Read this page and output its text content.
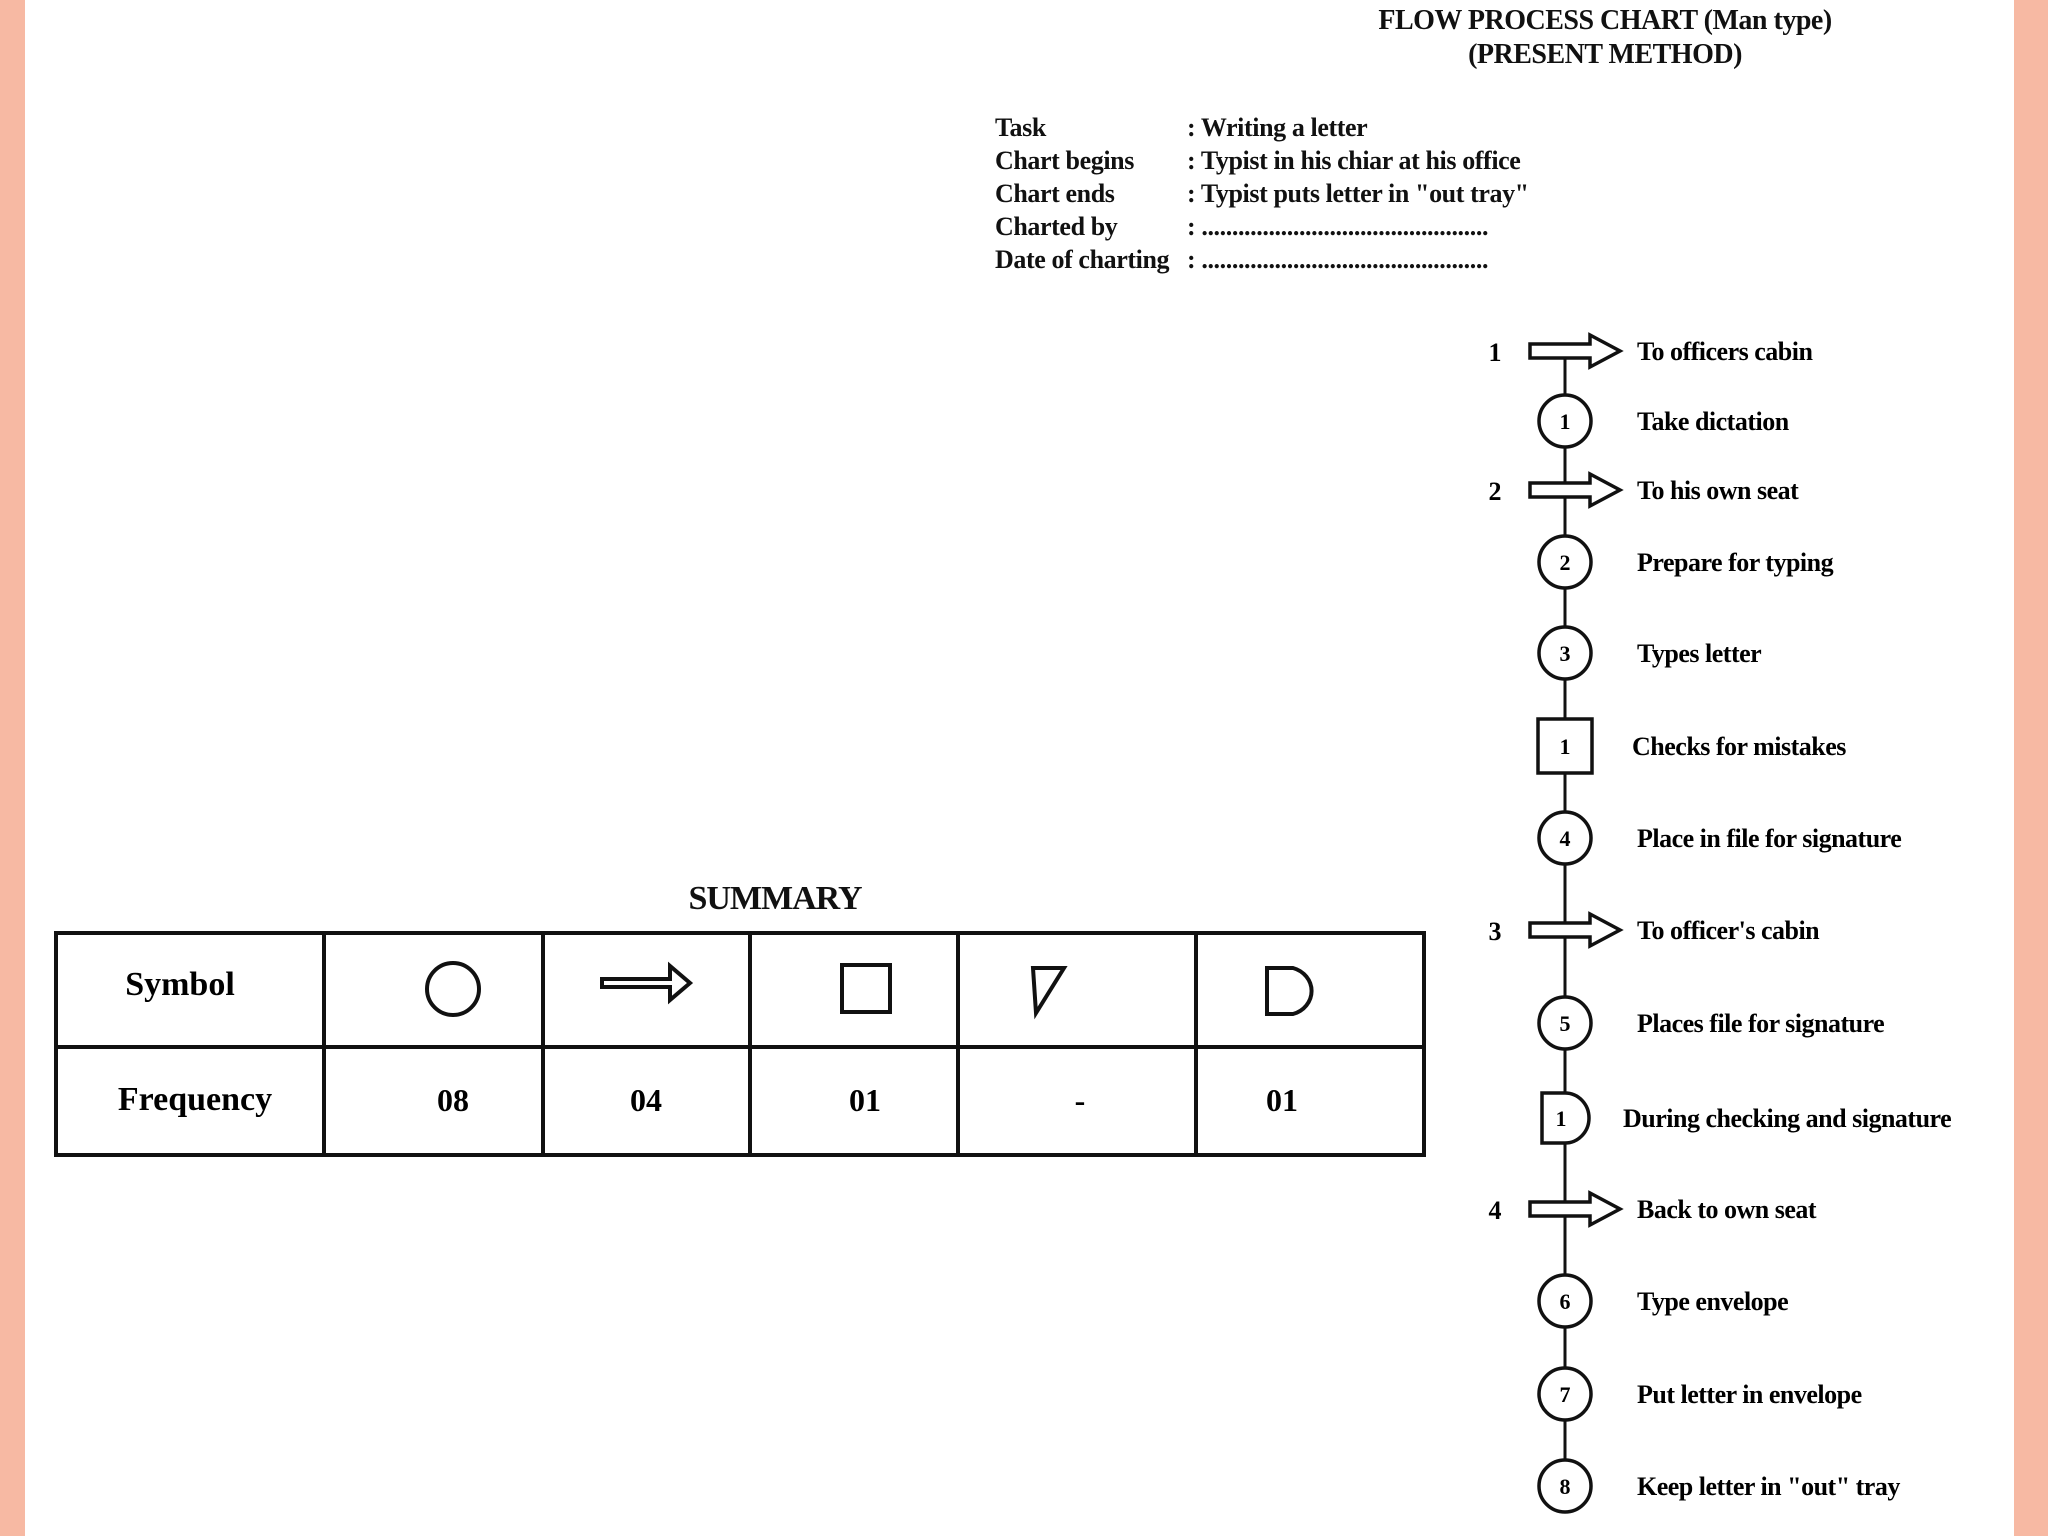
FLOW PROCESS CHART (Man type)
(PRESENT METHOD)
Task	: Writing a letter
Chart begins	: Typist in his chiar at his office
Chart ends	: Typist puts letter in "out tray"
Charted by	: ...............................................
Date of charting : ...............................................
SUMMARY
Symbol
Frequency	08	04	01	-	01
1	To officers cabin
1	Take dictation
2	To his own seat
2	Prepare for typing
3	Types letter
1 Checks for mistakes
4	Place in file for signature
3	To officer's cabin
5	Places file for signature
1 During checking and signature
4	Back to own seat
6	Type envelope
7	Put letter in envelope
8	Keep letter in "out" tray
